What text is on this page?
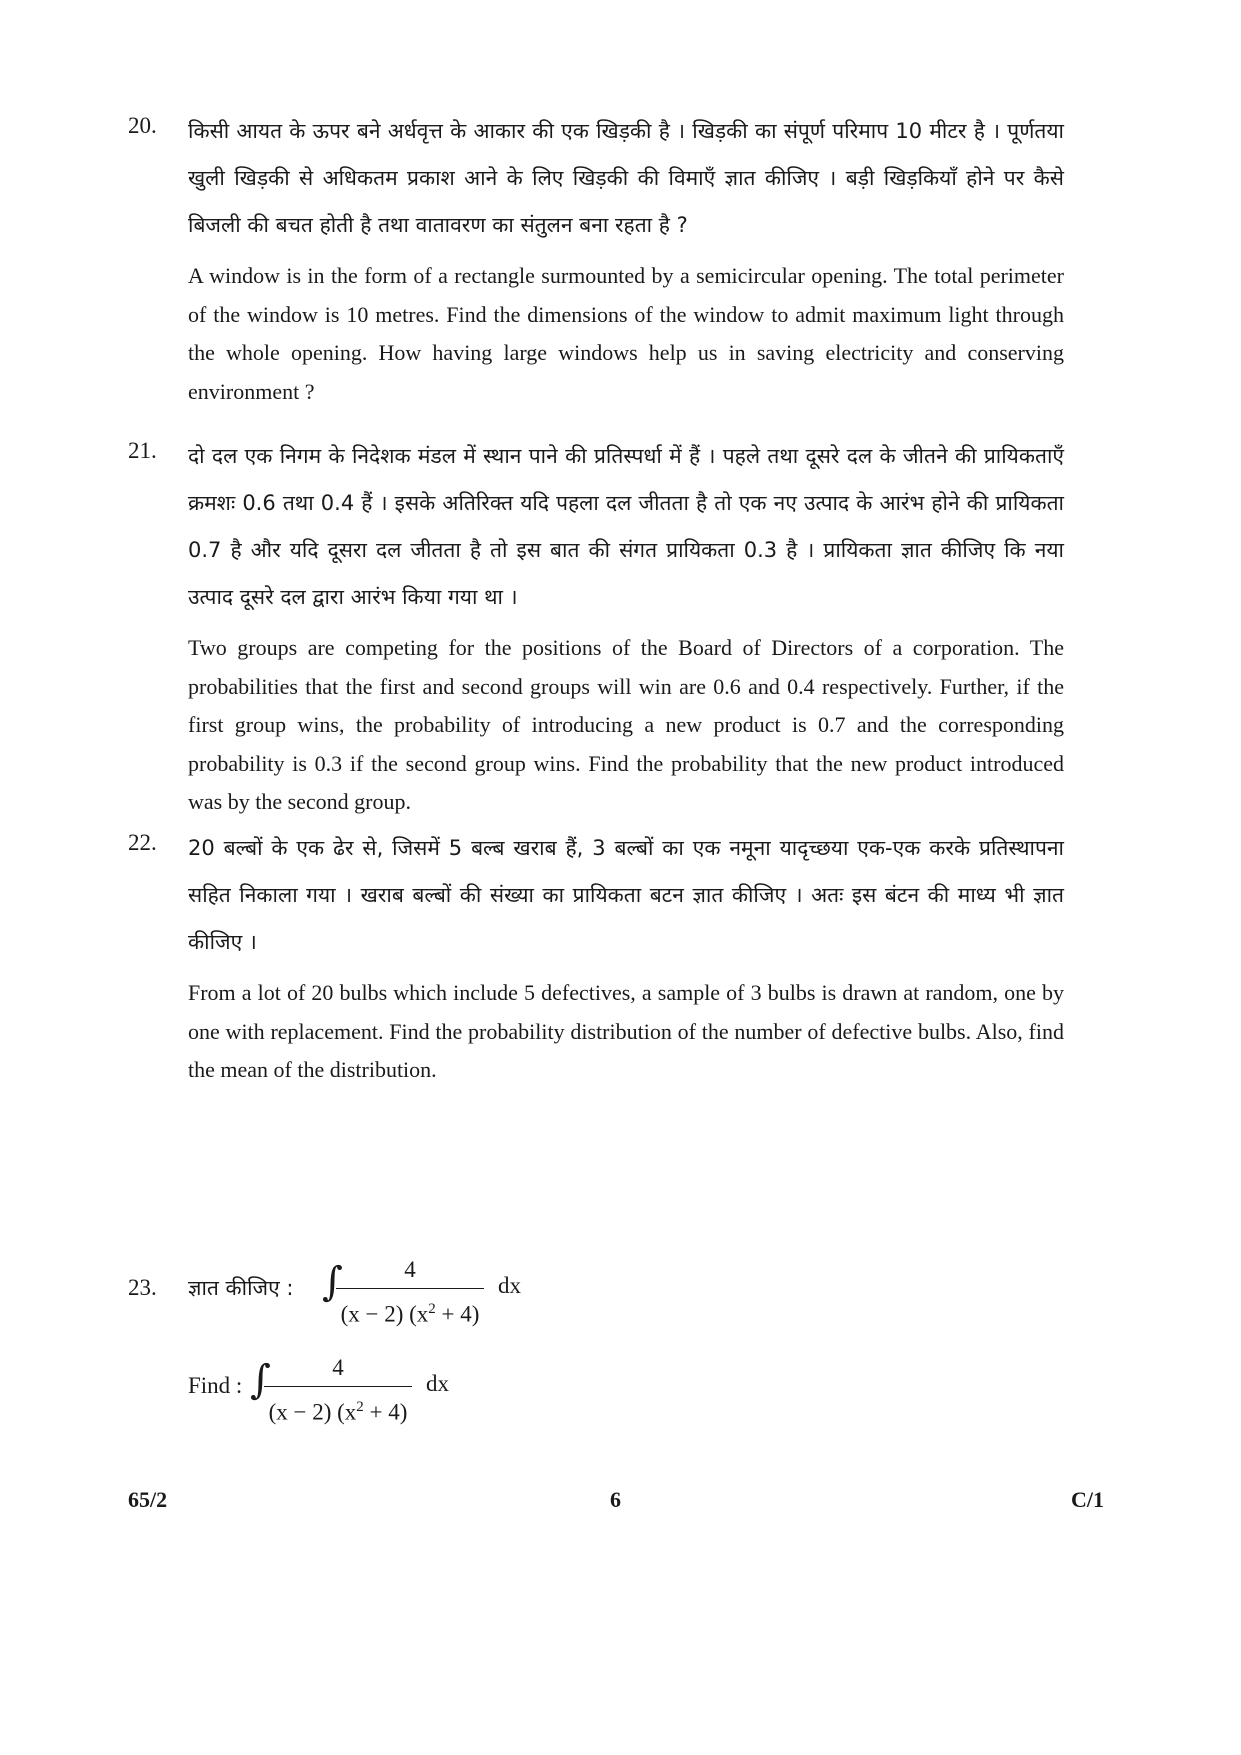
20. किसी आयत के ऊपर बने अर्धवृत्त के आकार की एक खिड़की है । खिड़की का संपूर्ण परिमाप 10 मीटर है । पूर्णतया खुली खिड़की से अधिकतम प्रकाश आने के लिए खिड़की की विमाएँ ज्ञात कीजिए । बड़ी खिड़कियाँ होने पर कैसे बिजली की बचत होती है तथा वातावरण का संतुलन बना रहता है ?

A window is in the form of a rectangle surmounted by a semicircular opening. The total perimeter of the window is 10 metres. Find the dimensions of the window to admit maximum light through the whole opening. How having large windows help us in saving electricity and conserving environment ?

21. दो दल एक निगम के निदेशक मंडल में स्थान पाने की प्रतिस्पर्धा में हैं । पहले तथा दूसरे दल के जीतने की प्रायिकताएँ क्रमशः 0.6 तथा 0.4 हैं । इसके अतिरिक्त यदि पहला दल जीतता है तो एक नए उत्पाद के आरंभ होने की प्रायिकता 0.7 है और यदि दूसरा दल जीतता है तो इस बात की संगत प्रायिकता 0.3 है । प्रायिकता ज्ञात कीजिए कि नया उत्पाद दूसरे दल द्वारा आरंभ किया गया था ।

Two groups are competing for the positions of the Board of Directors of a corporation. The probabilities that the first and second groups will win are 0.6 and 0.4 respectively. Further, if the first group wins, the probability of introducing a new product is 0.7 and the corresponding probability is 0.3 if the second group wins. Find the probability that the new product introduced was by the second group.

22. 20 बल्बों के एक ढेर से, जिसमें 5 बल्ब खराब हैं, 3 बल्बों का एक नमूना यादृच्छया एक-एक करके प्रतिस्थापना सहित निकाला गया । खराब बल्बों की संख्या का प्रायिकता बटन ज्ञात कीजिए । अतः इस बंटन की माध्य भी ज्ञात कीजिए ।

From a lot of 20 bulbs which include 5 defectives, a sample of 3 bulbs is drawn at random, one by one with replacement. Find the probability distribution of the number of defective bulbs. Also, find the mean of the distribution.

23. ज्ञात कीजिए : ∫	4
(x − 2) $(x^2 + 4)$
dx
Find : ∫	4
(x − 2) $(x^2 + 4)$
dx
65/2	6	C/1
